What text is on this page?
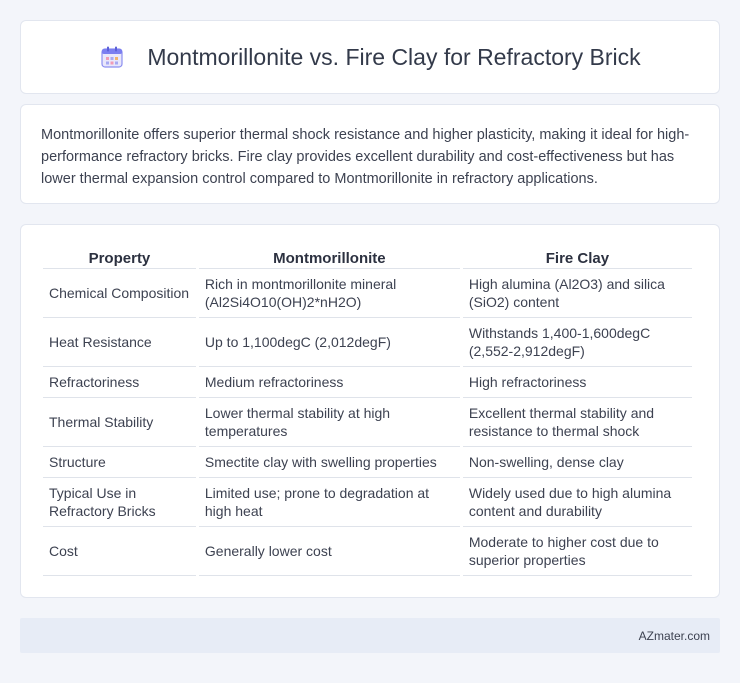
Montmorillonite vs. Fire Clay for Refractory Brick

Montmorillonite offers superior thermal shock resistance and higher plasticity, making it ideal for high-performance refractory bricks. Fire clay provides excellent durability and cost-effectiveness but has lower thermal expansion control compared to Montmorillonite in refractory applications.

Property	Montmorillonite	Fire Clay
Chemical Composition	Rich in montmorillonite mineral (Al2Si4O10(OH)2*nH2O)	High alumina (Al2O3) and silica (SiO2) content
Heat Resistance	Up to 1,100degC (2,012degF)	Withstands 1,400-1,600degC (2,552-2,912degF)
Refractoriness	Medium refractoriness	High refractoriness
Thermal Stability	Lower thermal stability at high temperatures	Excellent thermal stability and resistance to thermal shock
Structure	Smectite clay with swelling properties	Non-swelling, dense clay
Typical Use in Refractory Bricks	Limited use; prone to degradation at high heat	Widely used due to high alumina content and durability
Cost	Generally lower cost	Moderate to higher cost due to superior properties
AZmater.com
